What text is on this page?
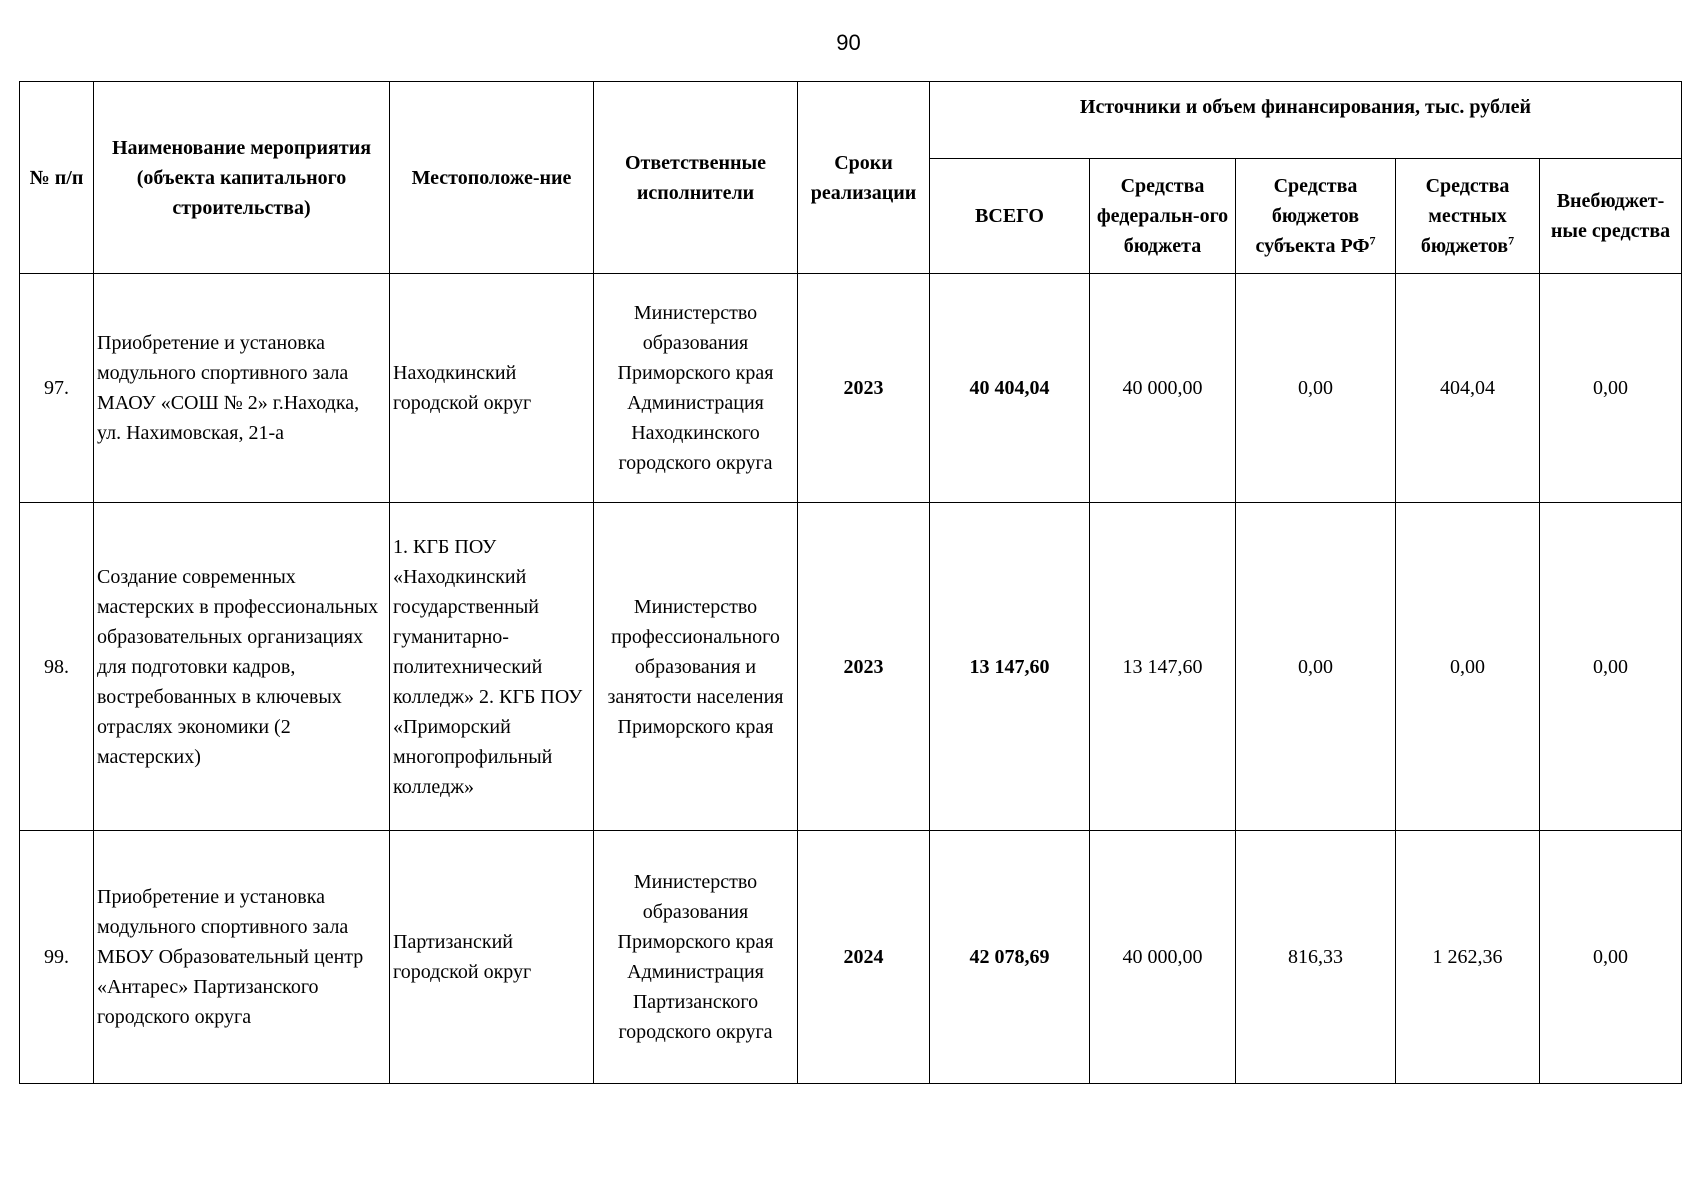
90
№ п/п	Наименование мероприятия (объекта капитального строительства)	Местоположе-ние	Ответственные исполнители	Сроки реализации	Источники и объем финансирования, тыс. рублей				
					ВСЕГО	Средства федеральн-ого бюджета	Средства бюджетов субъекта $РФ^7$	Средства местных бюджетов$^7$	Внебюджет-ные средства
97.	Приобретение и установка модульного спортивного зала МАОУ «СОШ № 2» г.Находка, ул. Нахимовская, 21-а	Находкинский городской округ	Министерство образования Приморского края Администрация Находкинского городского округа	2023	40 404,04	40 000,00	0,00	404,04	0,00
98.	Создание современных мастерских в профессиональных образовательных организациях для подготовки кадров, востребованных в ключевых отраслях экономики (2 мастерских)	1. КГБ ПОУ «Находкинский государственный гуманитарно-политехнический колледж» 2. КГБ ПОУ «Приморский многопрофильный колледж»	Министерство профессионального образования и занятости населения Приморского края	2023	13 147,60	13 147,60	0,00	0,00	0,00
99.	Приобретение и установка модульного спортивного зала МБОУ Образовательный центр «Антарес» Партизанского городского округа	Партизанский городской округ	Министерство образования Приморского края Администрация Партизанского городского округа	2024	42 078,69	40 000,00	816,33	1 262,36	0,00
